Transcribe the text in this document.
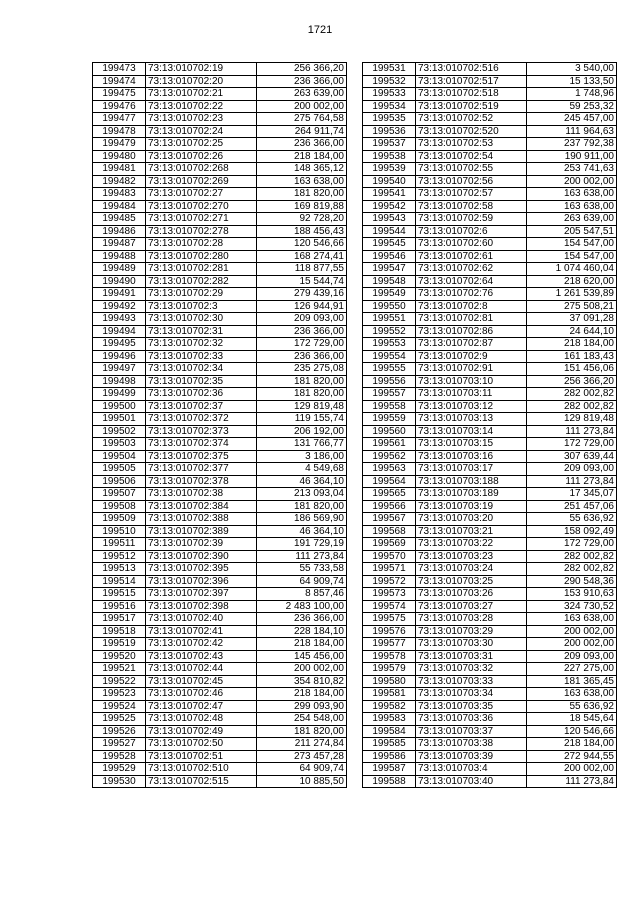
1721
199473	73:13:010702:19	256 366,20
199474	73:13:010702:20	236 366,00
199475	73:13:010702:21	263 639,00
199476	73:13:010702:22	200 002,00
199477	73:13:010702:23	275 764,58
199478	73:13:010702:24	264 911,74
199479	73:13:010702:25	236 366,00
199480	73:13:010702:26	218 184,00
199481	73:13:010702:268	148 365,12
199482	73:13:010702:269	163 638,00
199483	73:13:010702:27	181 820,00
199484	73:13:010702:270	169 819,88
199485	73:13:010702:271	92 728,20
199486	73:13:010702:278	188 456,43
199487	73:13:010702:28	120 546,66
199488	73:13:010702:280	168 274,41
199489	73:13:010702:281	118 877,55
199490	73:13:010702:282	15 544,74
199491	73:13:010702:29	279 439,16
199492	73:13:010702:3	126 944,91
199493	73:13:010702:30	209 093,00
199494	73:13:010702:31	236 366,00
199495	73:13:010702:32	172 729,00
199496	73:13:010702:33	236 366,00
199497	73:13:010702:34	235 275,08
199498	73:13:010702:35	181 820,00
199499	73:13:010702:36	181 820,00
199500	73:13:010702:37	129 819,48
199501	73:13:010702:372	119 155,74
199502	73:13:010702:373	206 192,00
199503	73:13:010702:374	131 766,77
199504	73:13:010702:375	3 186,00
199505	73:13:010702:377	4 549,68
199506	73:13:010702:378	46 364,10
199507	73:13:010702:38	213 093,04
199508	73:13:010702:384	181 820,00
199509	73:13:010702:388	186 569,90
199510	73:13:010702:389	46 364,10
199511	73:13:010702:39	191 729,19
199512	73:13:010702:390	111 273,84
199513	73:13:010702:395	55 733,58
199514	73:13:010702:396	64 909,74
199515	73:13:010702:397	8 857,46
199516	73:13:010702:398	2 483 100,00
199517	73:13:010702:40	236 366,00
199518	73:13:010702:41	228 184,10
199519	73:13:010702:42	218 184,00
199520	73:13:010702:43	145 456,00
199521	73:13:010702:44	200 002,00
199522	73:13:010702:45	354 810,82
199523	73:13:010702:46	218 184,00
199524	73:13:010702:47	299 093,90
199525	73:13:010702:48	254 548,00
199526	73:13:010702:49	181 820,00
199527	73:13:010702:50	211 274,84
199528	73:13:010702:51	273 457,28
199529	73:13:010702:510	64 909,74
199530	73:13:010702:515	10 885,50
199531	73:13:010702:516	3 540,00
199532	73:13:010702:517	15 133,50
199533	73:13:010702:518	1 748,96
199534	73:13:010702:519	59 253,32
199535	73:13:010702:52	245 457,00
199536	73:13:010702:520	111 964,63
199537	73:13:010702:53	237 792,38
199538	73:13:010702:54	190 911,00
199539	73:13:010702:55	253 741,63
199540	73:13:010702:56	200 002,00
199541	73:13:010702:57	163 638,00
199542	73:13:010702:58	163 638,00
199543	73:13:010702:59	263 639,00
199544	73:13:010702:6	205 547,51
199545	73:13:010702:60	154 547,00
199546	73:13:010702:61	154 547,00
199547	73:13:010702:62	1 074 460,04
199548	73:13:010702:64	218 620,00
199549	73:13:010702:76	1 261 539,89
199550	73:13:010702:8	275 508,21
199551	73:13:010702:81	37 091,28
199552	73:13:010702:86	24 644,10
199553	73:13:010702:87	218 184,00
199554	73:13:010702:9	161 183,43
199555	73:13:010702:91	151 456,06
199556	73:13:010703:10	256 366,20
199557	73:13:010703:11	282 002,82
199558	73:13:010703:12	282 002,82
199559	73:13:010703:13	129 819,48
199560	73:13:010703:14	111 273,84
199561	73:13:010703:15	172 729,00
199562	73:13:010703:16	307 639,44
199563	73:13:010703:17	209 093,00
199564	73:13:010703:188	111 273,84
199565	73:13:010703:189	17 345,07
199566	73:13:010703:19	251 457,06
199567	73:13:010703:20	55 636,92
199568	73:13:010703:21	158 092,49
199569	73:13:010703:22	172 729,00
199570	73:13:010703:23	282 002,82
199571	73:13:010703:24	282 002,82
199572	73:13:010703:25	290 548,36
199573	73:13:010703:26	153 910,63
199574	73:13:010703:27	324 730,52
199575	73:13:010703:28	163 638,00
199576	73:13:010703:29	200 002,00
199577	73:13:010703:30	200 002,00
199578	73:13:010703:31	209 093,00
199579	73:13:010703:32	227 275,00
199580	73:13:010703:33	181 365,45
199581	73:13:010703:34	163 638,00
199582	73:13:010703:35	55 636,92
199583	73:13:010703:36	18 545,64
199584	73:13:010703:37	120 546,66
199585	73:13:010703:38	218 184,00
199586	73:13:010703:39	272 944,55
199587	73:13:010703:4	200 002,00
199588	73:13:010703:40	111 273,84
